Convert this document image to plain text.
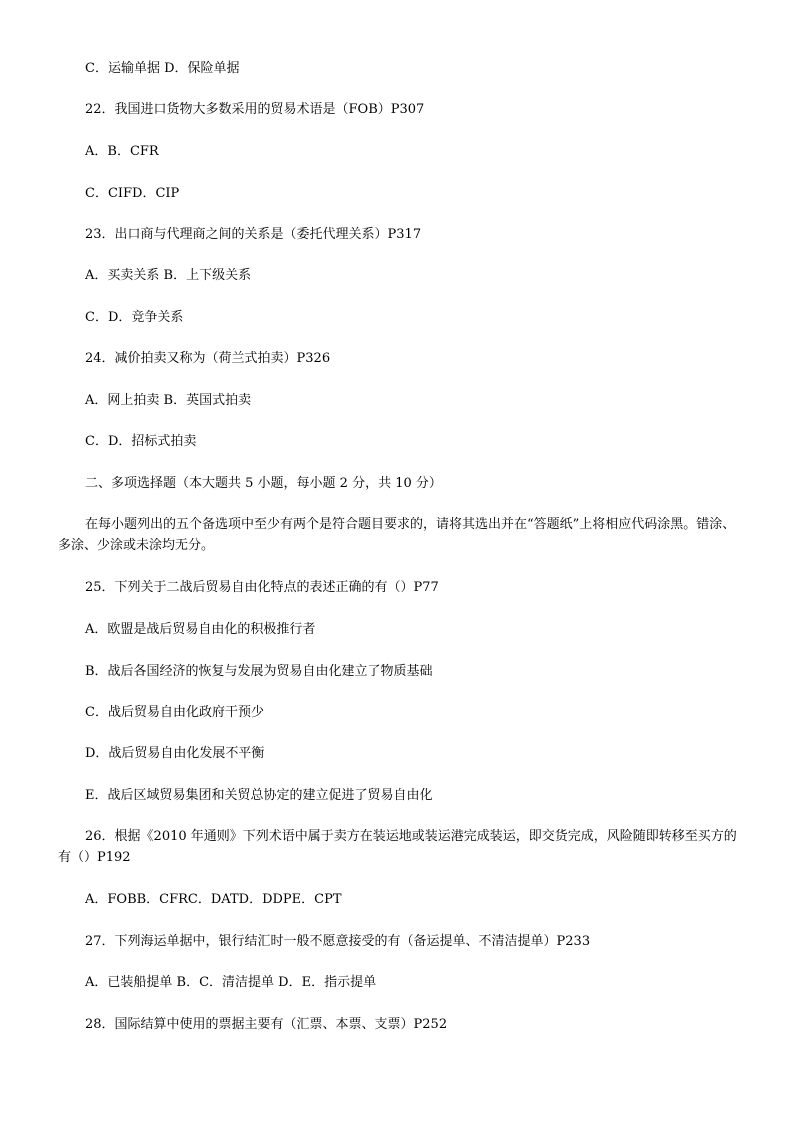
C．运输单据 D．保险单据
22．我国进口货物大多数采用的贸易术语是（FOB）P307
A．B．CFR
C．CIFD．CIP
23．出口商与代理商之间的关系是（委托代理关系）P317
A．买卖关系 B．上下级关系
C．D．竞争关系
24．减价拍卖又称为（荷兰式拍卖）P326
A．网上拍卖 B．英国式拍卖
C．D．招标式拍卖
二、多项选择题（本大题共 5 小题，每小题 2 分，共 10 分）
在每小题列出的五个备选项中至少有两个是符合题目要求的，请将其选出并在“答题纸”上将相应代码涂黑。错涂、多涂、少涂或未涂均无分。
25．下列关于二战后贸易自由化特点的表述正确的有（）P77
A．欧盟是战后贸易自由化的积极推行者
B．战后各国经济的恢复与发展为贸易自由化建立了物质基础
C．战后贸易自由化政府干预少
D．战后贸易自由化发展不平衡
E．战后区域贸易集团和关贸总协定的建立促进了贸易自由化
26．根据《2010 年通则》下列术语中属于卖方在装运地或装运港完成装运，即交货完成，风险随即转移至买方的有（）P192
A．FOBB．CFRC．DATD．DDPE．CPT
27．下列海运单据中，银行结汇时一般不愿意接受的有（备运提单、不清洁提单）P233
A．已装船提单 B．C．清洁提单 D．E．指示提单
28．国际结算中使用的票据主要有（汇票、本票、支票）P252
